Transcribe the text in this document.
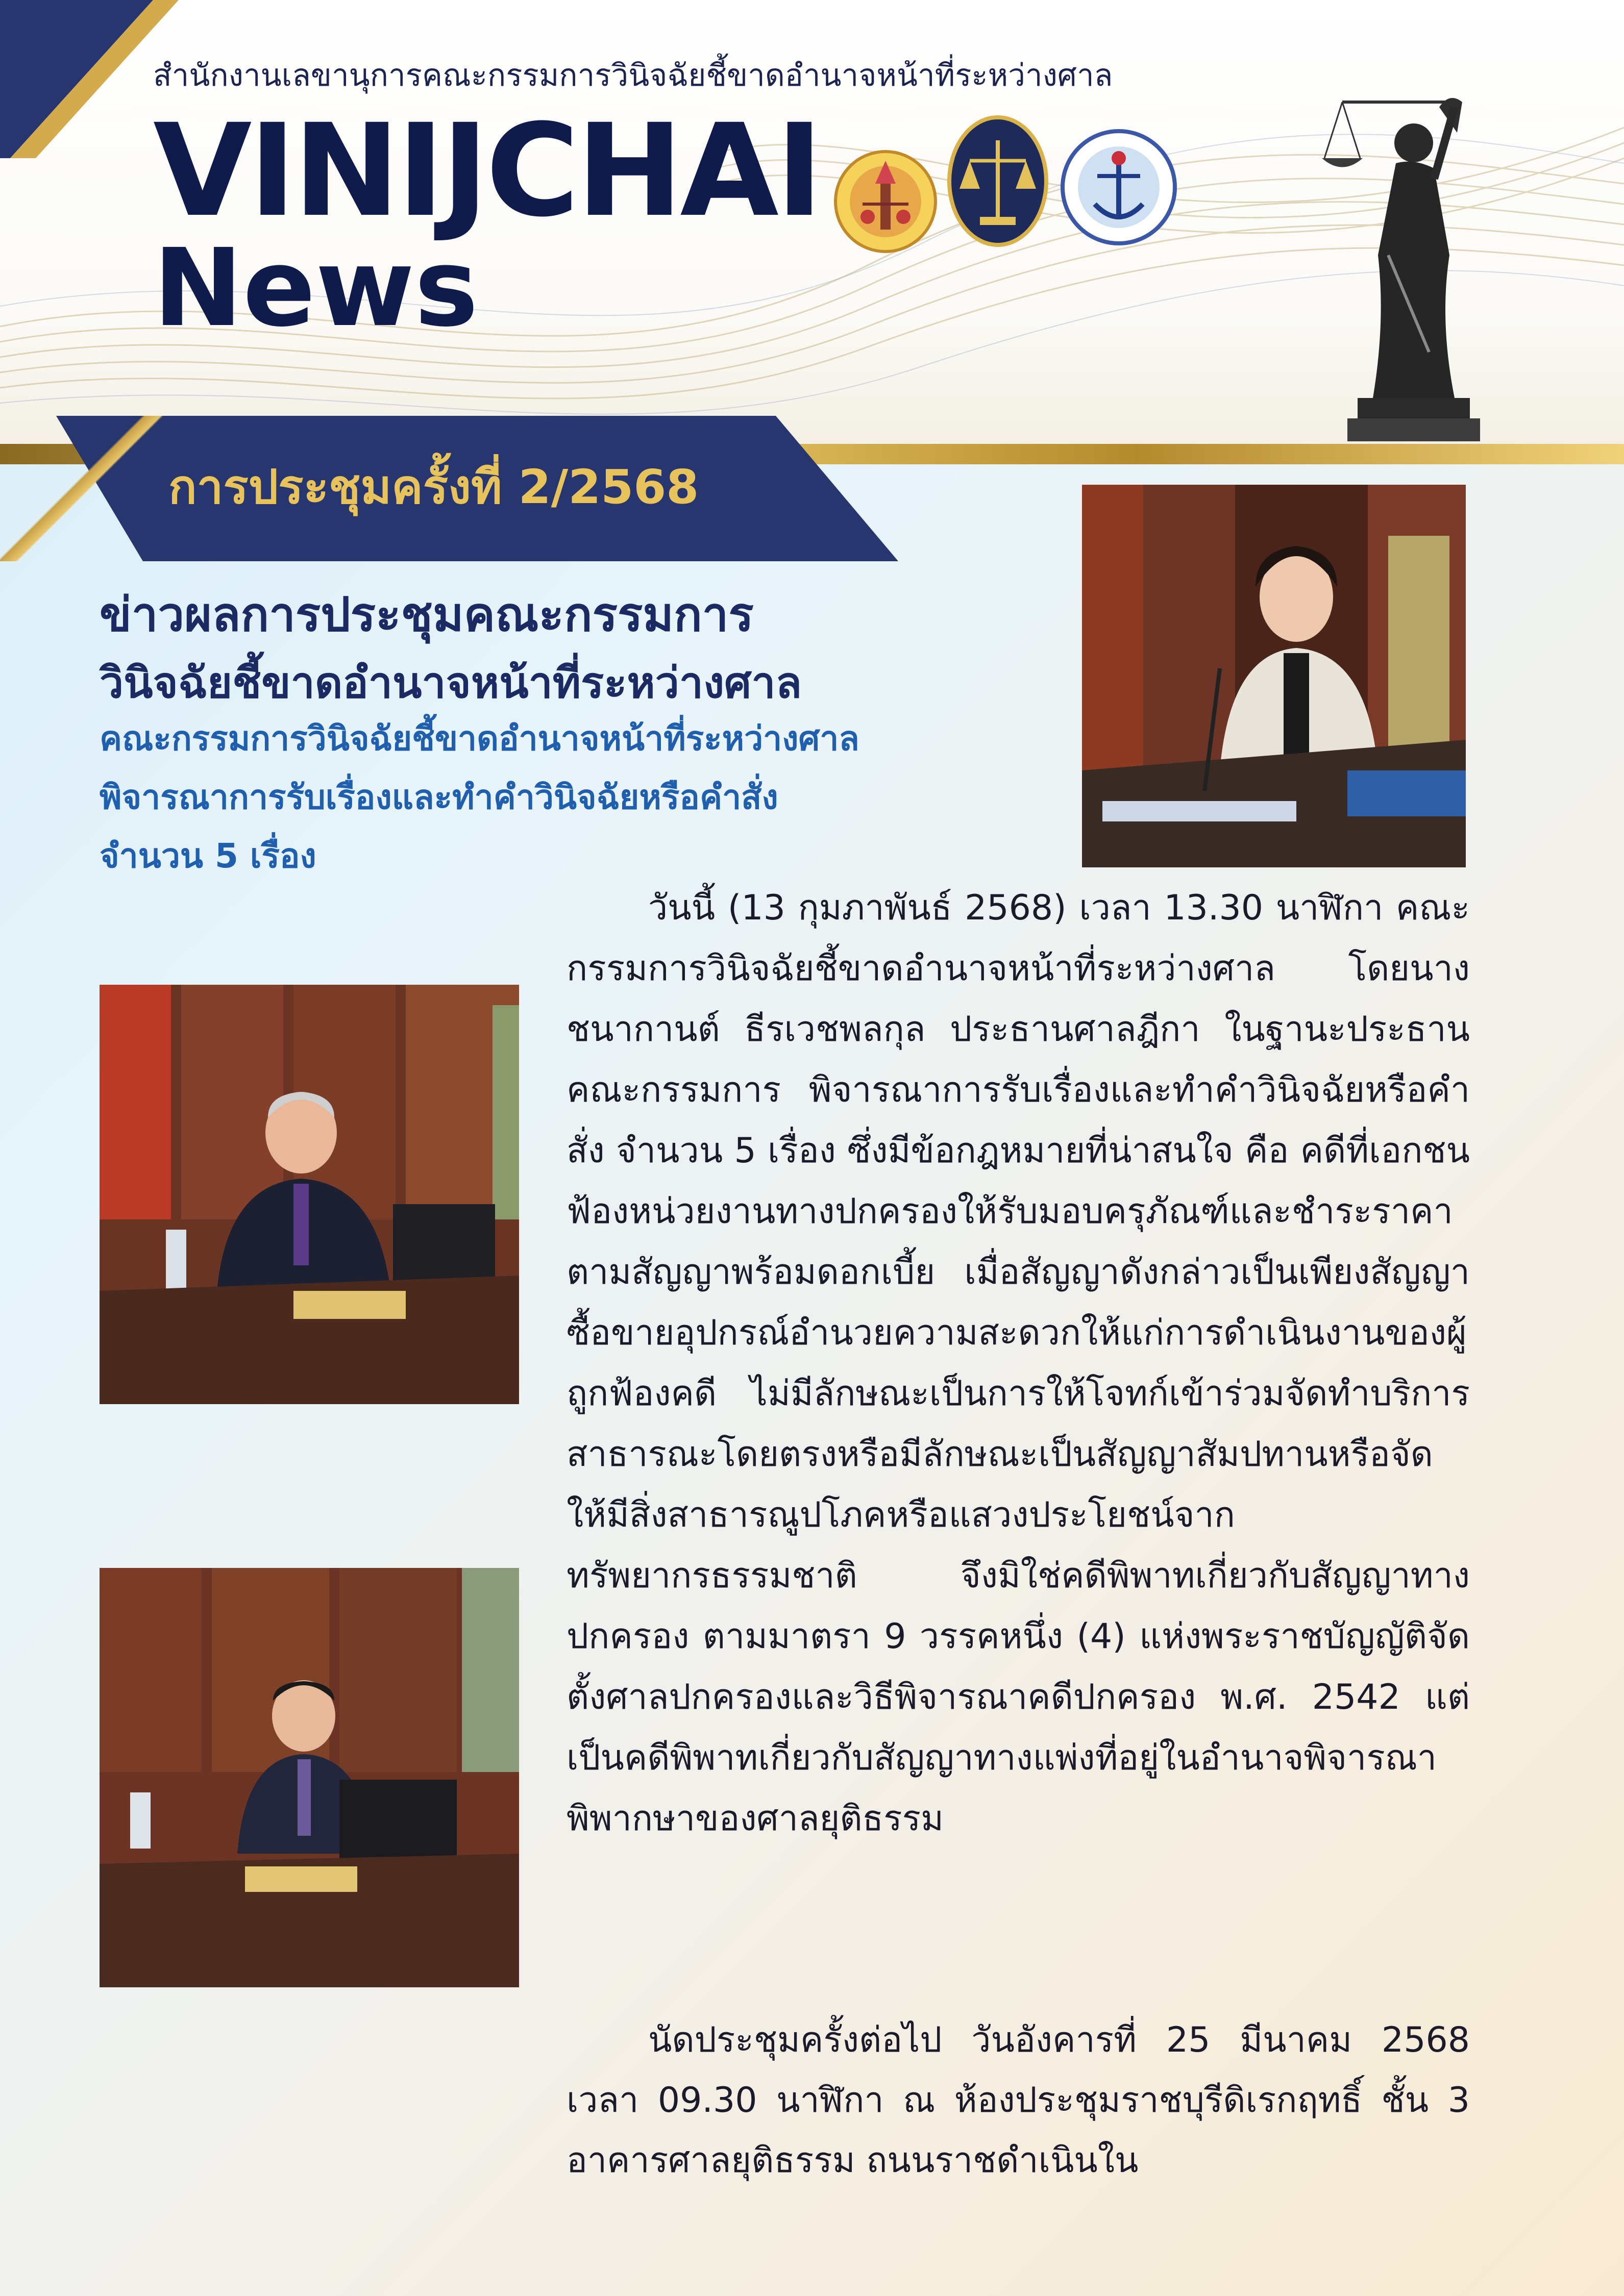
สำนักงานเลขานุการคณะกรรมการวินิจฉัยชี้ขาดอำนาจหน้าที่ระหว่างศาล
VINIJCHAI
News
การประชุมครั้งที่ 2/2568
ข่าวผลการประชุมคณะกรรมการ
วินิจฉัยชี้ขาดอำนาจหน้าที่ระหว่างศาล
คณะกรรมการวินิจฉัยชี้ขาดอำนาจหน้าที่ระหว่างศาล
พิจารณาการรับเรื่องและทำคำวินิจฉัยหรือคำสั่ง
จำนวน 5 เรื่อง

วันนี้ (13 กุมภาพันธ์ 2568) เวลา 13.30 นาฬิกา คณะกรรมการวินิจฉัยชี้ขาดอำนาจหน้าที่ระหว่างศาล โดยนางชนากานต์ ธีรเวชพลกุล ประธานศาลฎีกา ในฐานะประธานคณะกรรมการ พิจารณาการรับเรื่องและทำคำวินิจฉัยหรือคำสั่ง จำนวน 5 เรื่อง ซึ่งมีข้อกฎหมายที่น่าสนใจ คือ คดีที่เอกชนฟ้องหน่วยงานทางปกครองให้รับมอบครุภัณฑ์และชำระราคาตามสัญญาพร้อมดอกเบี้ย เมื่อสัญญาดังกล่าวเป็นเพียงสัญญาซื้อขายอุปกรณ์อำนวยความสะดวกให้แก่การดำเนินงานของผู้ถูกฟ้องคดี ไม่มีลักษณะเป็นการให้โจทก์เข้าร่วมจัดทำบริการสาธารณะโดยตรงหรือมีลักษณะเป็นสัญญาสัมปทานหรือจัดให้มีสิ่งสาธารณูปโภคหรือแสวงประโยชน์จากทรัพยากรธรรมชาติ จึงมิใช่คดีพิพาทเกี่ยวกับสัญญาทางปกครอง ตามมาตรา 9 วรรคหนึ่ง (4) แห่งพระราชบัญญัติจัดตั้งศาลปกครองและวิธีพิจารณาคดีปกครอง พ.ศ. 2542 แต่เป็นคดีพิพาทเกี่ยวกับสัญญาทางแพ่งที่อยู่ในอำนาจพิจารณาพิพากษาของศาลยุติธรรม

นัดประชุมครั้งต่อไป วันอังคารที่ 25 มีนาคม 2568 เวลา 09.30 นาฬิกา ณ ห้องประชุมราชบุรีดิเรกฤทธิ์ ชั้น 3 อาคารศาลยุติธรรม ถนนราชดำเนินใน
